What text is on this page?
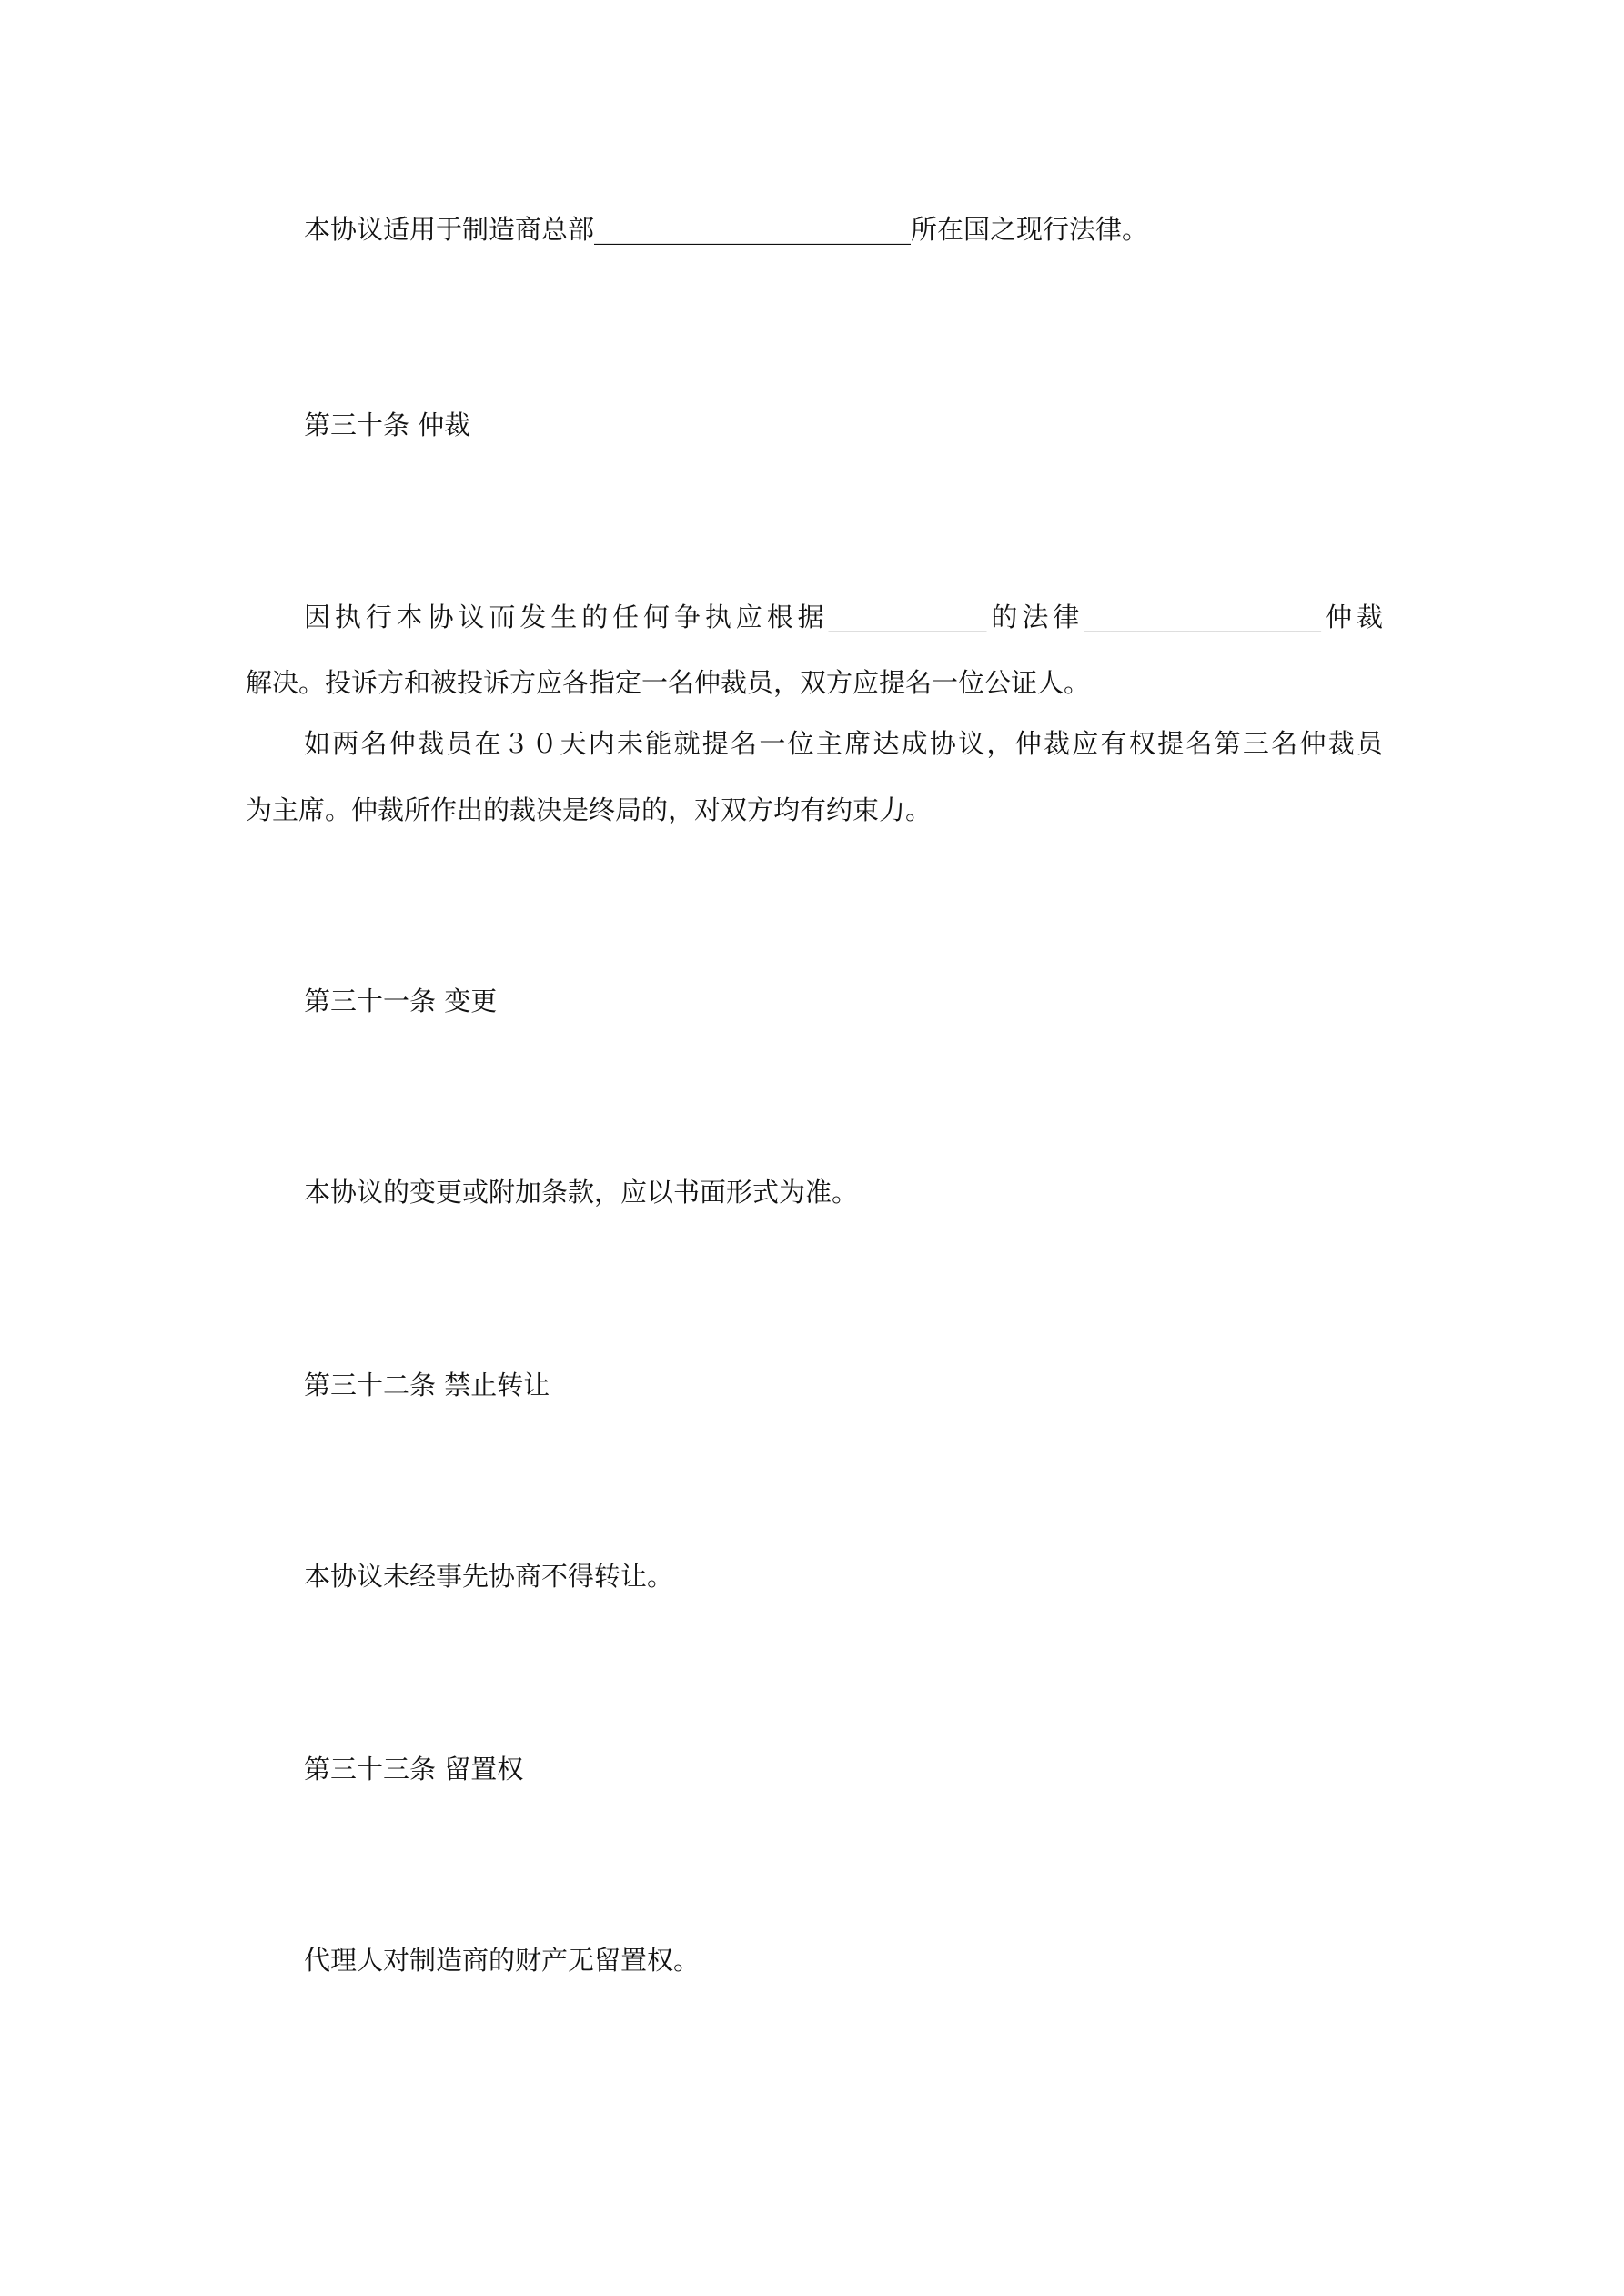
本协议适用于制造商总部________________________所在国之现行法律。

第三十条 仲裁

因执行本协议而发生的任何争执应根据____________的法律__________________仲裁

解决。投诉方和被投诉方应各指定一名仲裁员，双方应提名一位公证人。

如两名仲裁员在３０天内未能就提名一位主席达成协议，仲裁应有权提名第三名仲裁员

为主席。仲裁所作出的裁决是终局的，对双方均有约束力。

第三十一条 变更

本协议的变更或附加条款，应以书面形式为准。

第三十二条 禁止转让

本协议未经事先协商不得转让。

第三十三条 留置权

代理人对制造商的财产无留置权。
